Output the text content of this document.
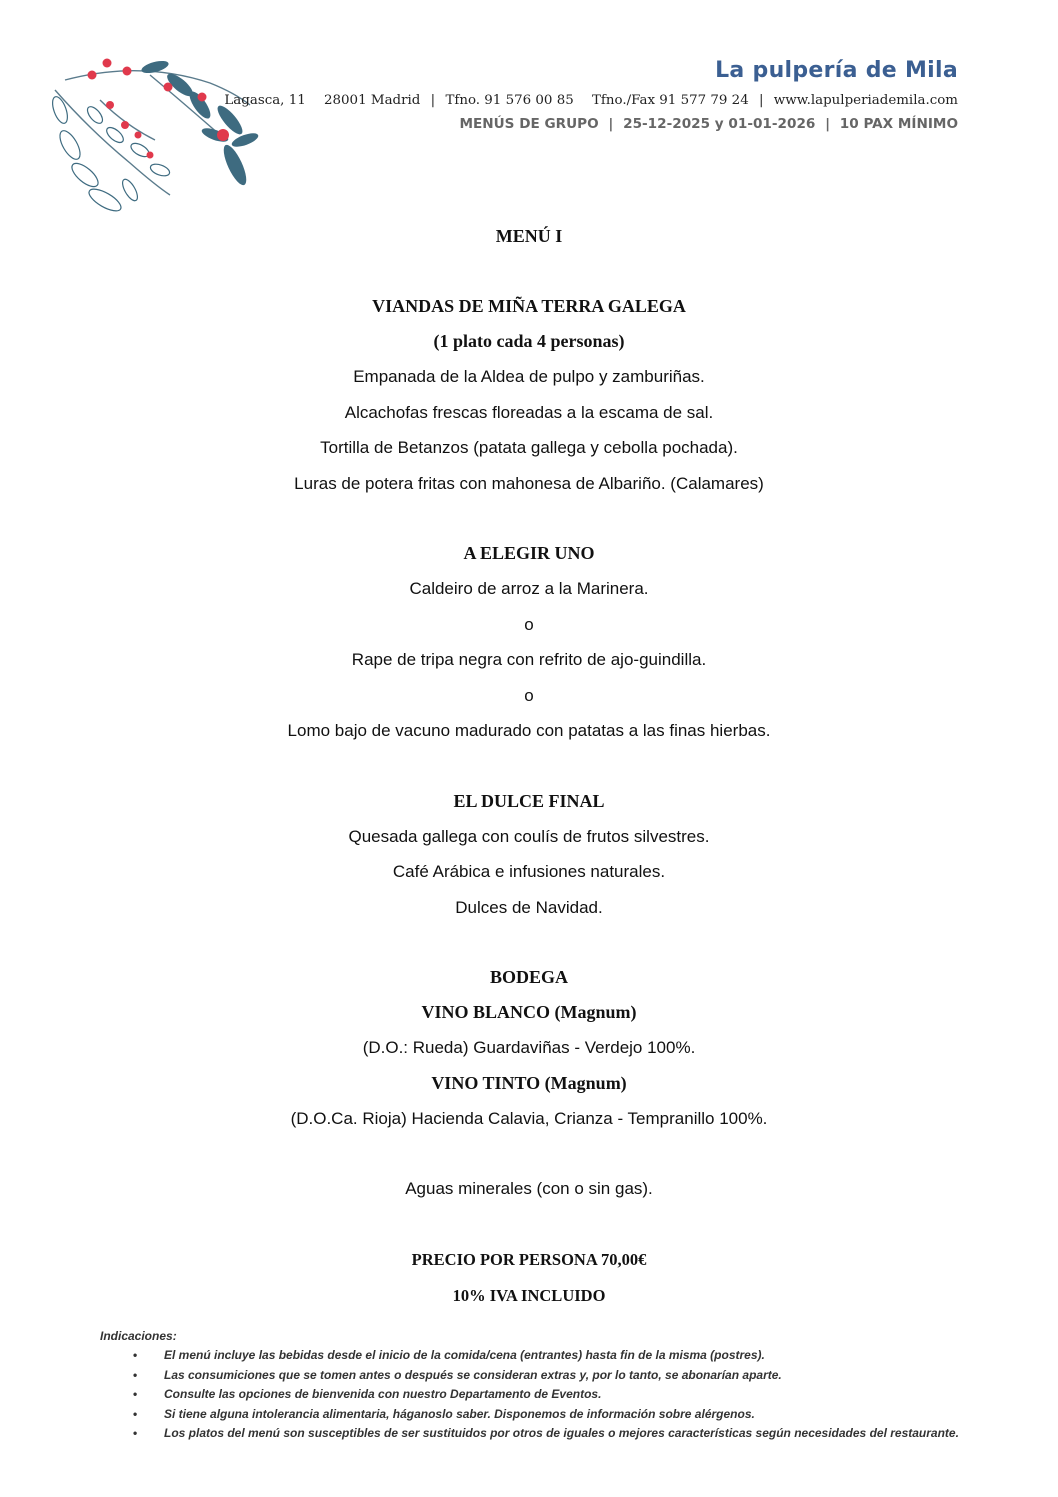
La pulpería de Mila
Lagasca, 11 28001 Madrid | Tfno. 91 576 00 85 Tfno./Fax 91 577 79 24 | www.lapulperiademila.com
MENÚS DE GRUPO | 25-12-2025 y 01-01-2026 | 10 PAX MÍNIMO
MENÚ I
VIANDAS DE MIÑA TERRA GALEGA
(1 plato cada 4 personas)
Empanada de la Aldea de pulpo y zamburiñas.
Alcachofas frescas floreadas a la escama de sal.
Tortilla de Betanzos (patata gallega y cebolla pochada).
Luras de potera fritas con mahonesa de Albariño. (Calamares)
A ELEGIR UNO
Caldeiro de arroz a la Marinera.
o
Rape de tripa negra con refrito de ajo-guindilla.
o
Lomo bajo de vacuno madurado con patatas a las finas hierbas.
EL DULCE FINAL
Quesada gallega con coulís de frutos silvestres.
Café Arábica e infusiones naturales.
Dulces de Navidad.
BODEGA
VINO BLANCO (Magnum)
(D.O.: Rueda) Guardaviñas - Verdejo 100%.
VINO TINTO (Magnum)
(D.O.Ca. Rioja) Hacienda Calavia, Crianza - Tempranillo 100%.
Aguas minerales (con o sin gas).
PRECIO POR PERSONA 70,00€
10% IVA INCLUIDO
Indicaciones:
• El menú incluye las bebidas desde el inicio de la comida/cena (entrantes) hasta fin de la misma (postres).
• Las consumiciones que se tomen antes o después se consideran extras y, por lo tanto, se abonarían aparte.
• Consulte las opciones de bienvenida con nuestro Departamento de Eventos.
• Si tiene alguna intolerancia alimentaria, háganoslo saber. Disponemos de información sobre alérgenos.
• Los platos del menú son susceptibles de ser sustituidos por otros de iguales o mejores características según necesidades del restaurante.
